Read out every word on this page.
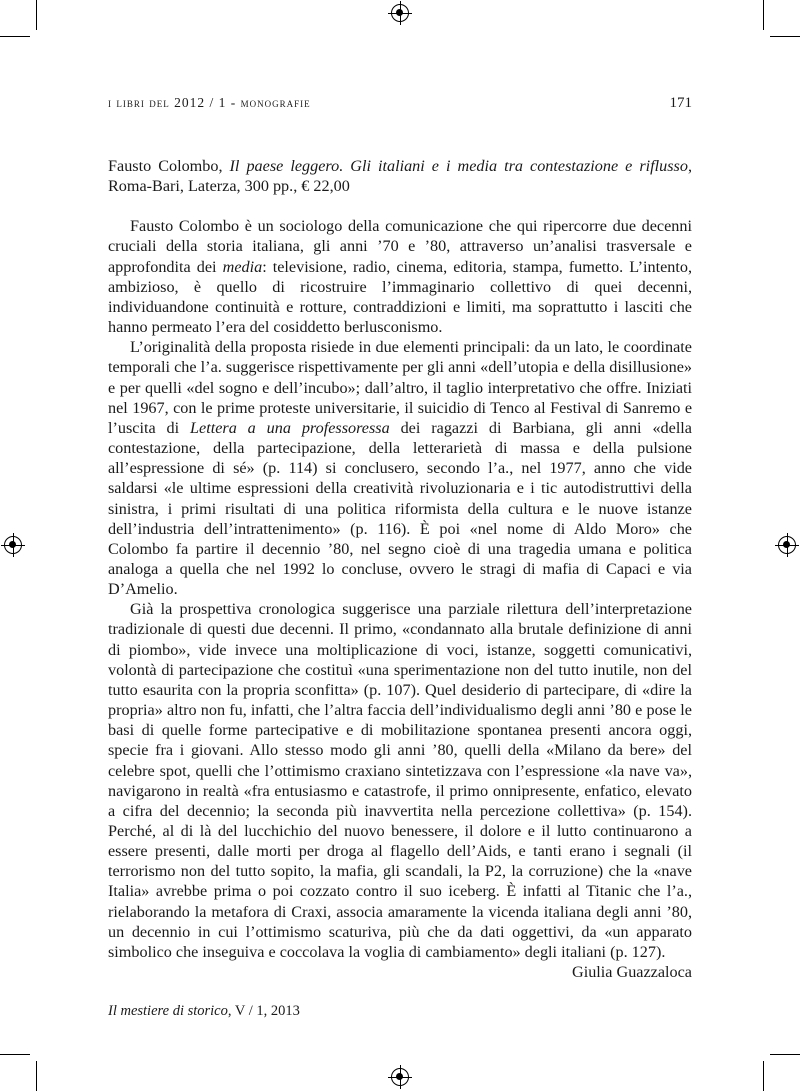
i libri del 2012 / 1 - monografie	171

Fausto Colombo, Il paese leggero. Gli italiani e i media tra contestazione e riflusso, Roma-Bari, Laterza, 300 pp., € 22,00

Fausto Colombo è un sociologo della comunicazione che qui ripercorre due decenni cruciali della storia italiana, gli anni ’70 e ’80, attraverso un’analisi trasversale e approfondita dei media: televisione, radio, cinema, editoria, stampa, fumetto. L’intento, ambizioso, è quello di ricostruire l’immaginario collettivo di quei decenni, individuandone continuità e rotture, contraddizioni e limiti, ma soprattutto i lasciti che hanno permeato l’era del cosiddetto berlusconismo.

L’originalità della proposta risiede in due elementi principali: da un lato, le coordinate temporali che l’a. suggerisce rispettivamente per gli anni «dell’utopia e della disillusione» e per quelli «del sogno e dell’incubo»; dall’altro, il taglio interpretativo che offre. Iniziati nel 1967, con le prime proteste universitarie, il suicidio di Tenco al Festival di Sanremo e l’uscita di Lettera a una professoressa dei ragazzi di Barbiana, gli anni «della contestazione, della partecipazione, della letterarietà di massa e della pulsione all’espressione di sé» (p. 114) si conclusero, secondo l’a., nel 1977, anno che vide saldarsi «le ultime espressioni della creatività rivoluzionaria e i tic autodistruttivi della sinistra, i primi risultati di una politica riformista della cultura e le nuove istanze dell’industria dell’intrattenimento» (p. 116). È poi «nel nome di Aldo Moro» che Colombo fa partire il decennio ’80, nel segno cioè di una tragedia umana e politica analoga a quella che nel 1992 lo concluse, ovvero le stragi di mafia di Capaci e via D’Amelio.

Già la prospettiva cronologica suggerisce una parziale rilettura dell’interpretazione tradizionale di questi due decenni. Il primo, «condannato alla brutale definizione di anni di piombo», vide invece una moltiplicazione di voci, istanze, soggetti comunicativi, volontà di partecipazione che costituì «una sperimentazione non del tutto inutile, non del tutto esaurita con la propria sconfitta» (p. 107). Quel desiderio di partecipare, di «dire la propria» altro non fu, infatti, che l’altra faccia dell’individualismo degli anni ’80 e pose le basi di quelle forme partecipative e di mobilitazione spontanea presenti ancora oggi, specie fra i giovani. Allo stesso modo gli anni ’80, quelli della «Milano da bere» del celebre spot, quelli che l’ottimismo craxiano sintetizzava con l’espressione «la nave va», navigarono in realtà «fra entusiasmo e catastrofe, il primo onnipresente, enfatico, elevato a cifra del decennio; la seconda più inavvertita nella percezione collettiva» (p. 154). Perché, al di là del lucchichio del nuovo benessere, il dolore e il lutto continuarono a essere presenti, dalle morti per droga al flagello dell’Aids, e tanti erano i segnali (il terrorismo non del tutto sopito, la mafia, gli scandali, la P2, la corruzione) che la «nave Italia» avrebbe prima o poi cozzato contro il suo iceberg. È infatti al Titanic che l’a., rielaborando la metafora di Craxi, associa amaramente la vicenda italiana degli anni ’80, un decennio in cui l’ottimismo scaturiva, più che da dati oggettivi, da «un apparato simbolico che inseguiva e coccolava la voglia di cambiamento» degli italiani (p. 127).

Giulia Guazzaloca

Il mestiere di storico, V / 1, 2013
